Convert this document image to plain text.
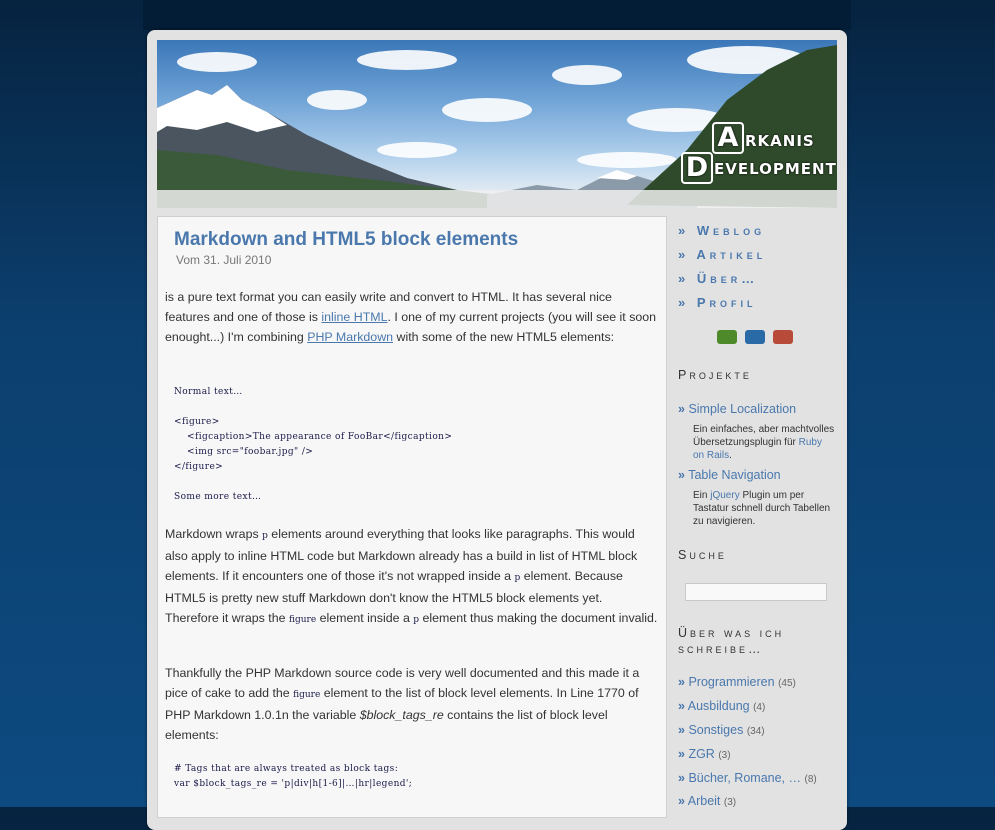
A
D
RKANIS
EVELOPMENT
Markdown and HTML5 block elements
Vom 31. Juli 2010

is a pure text format you can easily write and convert to HTML. It has several nice features and one of those is inline HTML. I one of my current projects (you will see it soon enought...) I'm combining PHP Markdown with some of the new HTML5 elements:

Normal text…

<figure>
<figcaption>The appearance of FooBar</figcaption>
<img src="foobar.jpg" />
</figure>

Some more text…

Markdown wraps p elements around everything that looks like paragraphs. This would also apply to inline HTML code but Markdown already has a build in list of HTML block elements. If it encounters one of those it's not wrapped inside a p element. Because HTML5 is pretty new stuff Markdown don't know the HTML5 block elements yet. Therefore it wraps the figure element inside a p element thus making the document invalid.

Thankfully the PHP Markdown source code is very well documented and this made it a pice of cake to add the figure element to the list of block level elements. In Line 1770 of PHP Markdown 1.0.1n the variable $block_tags_re contains the list of block level elements:

# Tags that are always treated as block tags:
var $block_tags_re = 'p|div|h[1-6]|…|hr|legend';
» Weblog
» Artikel
» Über…
» Profil
Projekte
» Simple Localization
Ein einfaches, aber machtvolles Übersetzungsplugin für Ruby on Rails.
» Table Navigation
Ein jQuery Plugin um per Tastatur schnell durch Tabellen zu navigieren.
Suche
Über was ich schreibe…
» Programmieren (45)
» Ausbildung (4)
» Sonstiges (34)
» ZGR (3)
» Bücher, Romane, … (8)
» Arbeit (3)
